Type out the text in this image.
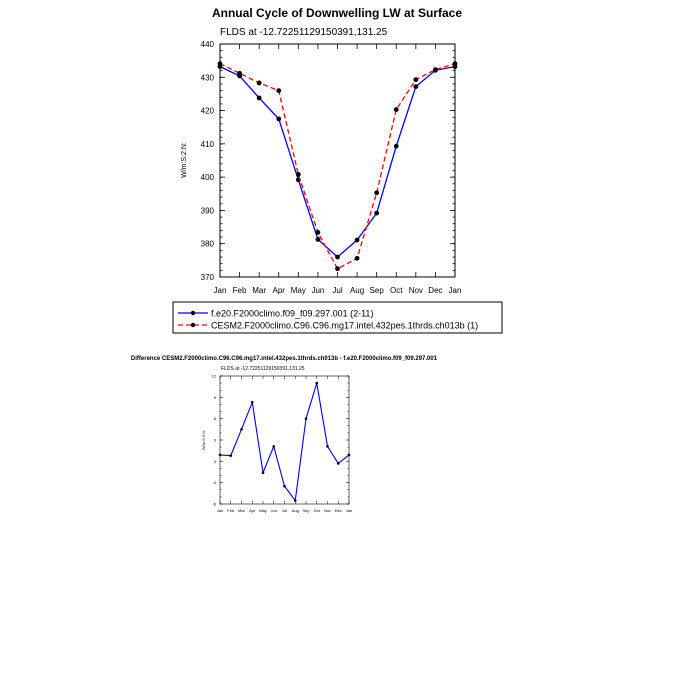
Annual Cycle of Downwelling LW at Surface
FLDS at -12.72251129150391,131.25
W/m:S:2:N:
Jan Feb Mar Apr May Jun Jul Aug Sep Oct Nov Dec Jan
370
380
390
400
410
420
430
440
f.e20.F2000climo.f09_f09.297.001 (2-11)
CESM2.F2000climo.C96.C96.mg17.intel.432pes.1thrds.ch013b (1)
Difference CESM2.F2000climo.C96.C96.mg17.intel.432pes.1thrds.ch013b - f.e20.F2000climo.f09_f09.297.001
FLDS at -12.72251129150391,131.25
W/m:S:2:N:
Jan Feb Mar Apr May Jun Jul Aug Sep Oct Nov Dec Jan
-6
-3
0
3
6
9
12
